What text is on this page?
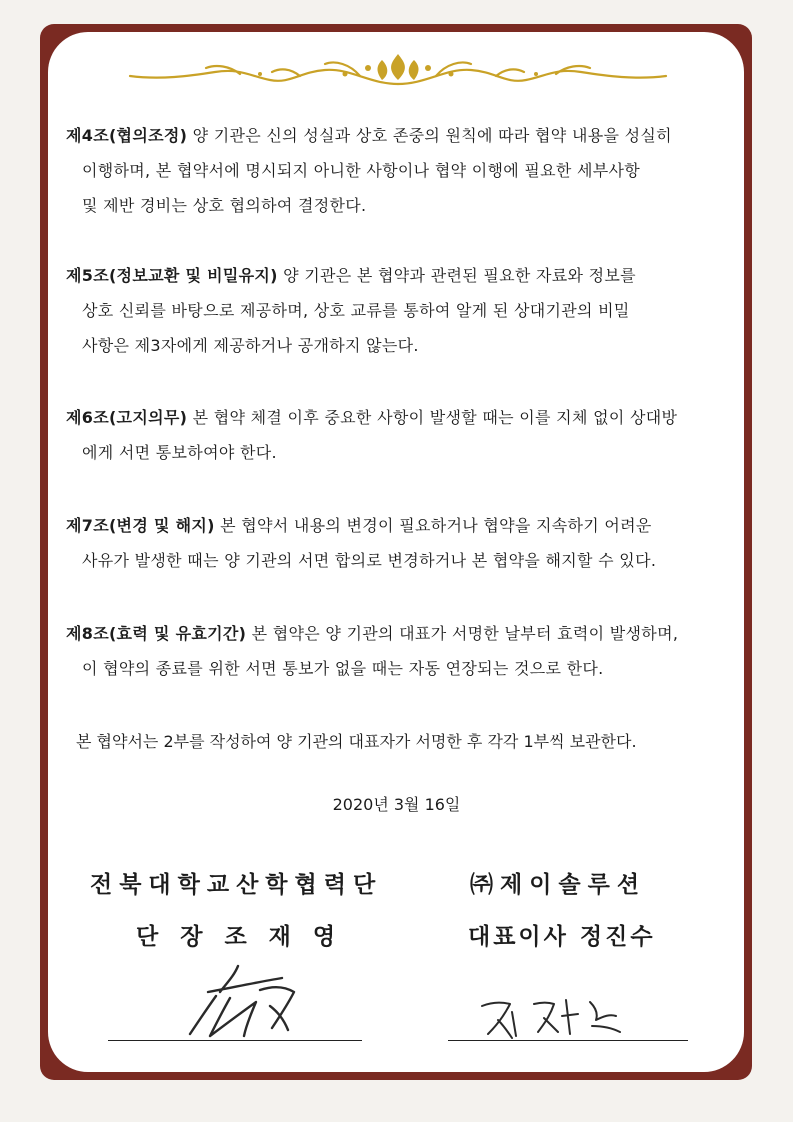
제4조(협의조정) 양 기관은 신의 성실과 상호 존중의 원칙에 따라 협약 내용을 성실히
이행하며, 본 협약서에 명시되지 아니한 사항이나 협약 이행에 필요한 세부사항
및 제반 경비는 상호 협의하여 결정한다.
제5조(정보교환 및 비밀유지) 양 기관은 본 협약과 관련된 필요한 자료와 정보를
상호 신뢰를 바탕으로 제공하며, 상호 교류를 통하여 알게 된 상대기관의 비밀
사항은 제3자에게 제공하거나 공개하지 않는다.
제6조(고지의무) 본 협약 체결 이후 중요한 사항이 발생할 때는 이를 지체 없이 상대방
에게 서면 통보하여야 한다.
제7조(변경 및 해지) 본 협약서 내용의 변경이 필요하거나 협약을 지속하기 어려운
사유가 발생한 때는 양 기관의 서면 합의로 변경하거나 본 협약을 해지할 수 있다.
제8조(효력 및 유효기간) 본 협약은 양 기관의 대표가 서명한 날부터 효력이 발생하며,
이 협약의 종료를 위한 서면 통보가 없을 때는 자동 연장되는 것으로 한다.
본 협약서는 2부를 작성하여 양 기관의 대표자가 서명한 후 각각 1부씩 보관한다.
2020년 3월 16일
전북대학교산학협력단
단 장 조 재 영
㈜제이솔루션
대표이사 정진수
